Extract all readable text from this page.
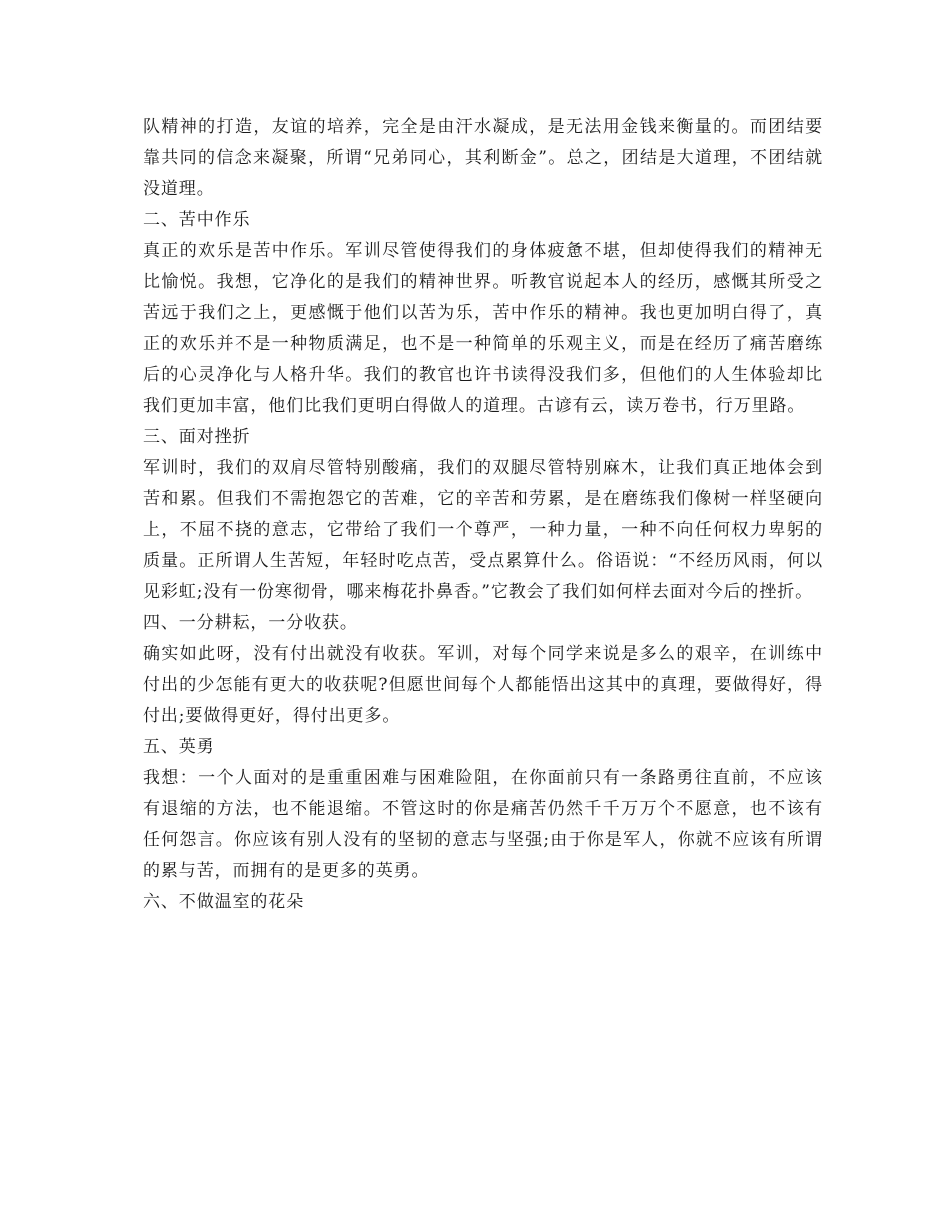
队精神的打造，友谊的培养，完全是由汗水凝成，是无法用金钱来衡量的。而团结要靠共同的信念来凝聚，所谓“兄弟同心，其利断金”。总之，团结是大道理，不团结就没道理。

二、苦中作乐

真正的欢乐是苦中作乐。军训尽管使得我们的身体疲惫不堪，但却使得我们的精神无比愉悦。我想，它净化的是我们的精神世界。听教官说起本人的经历，感慨其所受之苦远于我们之上，更感慨于他们以苦为乐，苦中作乐的精神。我也更加明白得了，真正的欢乐并不是一种物质满足，也不是一种简单的乐观主义，而是在经历了痛苦磨练后的心灵净化与人格升华。我们的教官也许书读得没我们多，但他们的人生体验却比我们更加丰富，他们比我们更明白得做人的道理。古谚有云，读万卷书，行万里路。

三、面对挫折

军训时，我们的双肩尽管特别酸痛，我们的双腿尽管特别麻木，让我们真正地体会到苦和累。但我们不需抱怨它的苦难，它的辛苦和劳累，是在磨练我们像树一样坚硬向上，不屈不挠的意志，它带给了我们一个尊严，一种力量，一种不向任何权力卑躬的质量。正所谓人生苦短，年轻时吃点苦，受点累算什么。俗语说：“不经历风雨，何以见彩虹;没有一份寒彻骨，哪来梅花扑鼻香。”它教会了我们如何样去面对今后的挫折。

四、一分耕耘，一分收获。

确实如此呀，没有付出就没有收获。军训，对每个同学来说是多么的艰辛，在训练中付出的少怎能有更大的收获呢?但愿世间每个人都能悟出这其中的真理，要做得好，得付出;要做得更好，得付出更多。

五、英勇

我想：一个人面对的是重重困难与困难险阻，在你面前只有一条路勇往直前，不应该有退缩的方法，也不能退缩。不管这时的你是痛苦仍然千千万万个不愿意，也不该有任何怨言。你应该有别人没有的坚韧的意志与坚强;由于你是军人，你就不应该有所谓的累与苦，而拥有的是更多的英勇。

六、不做温室的花朵
